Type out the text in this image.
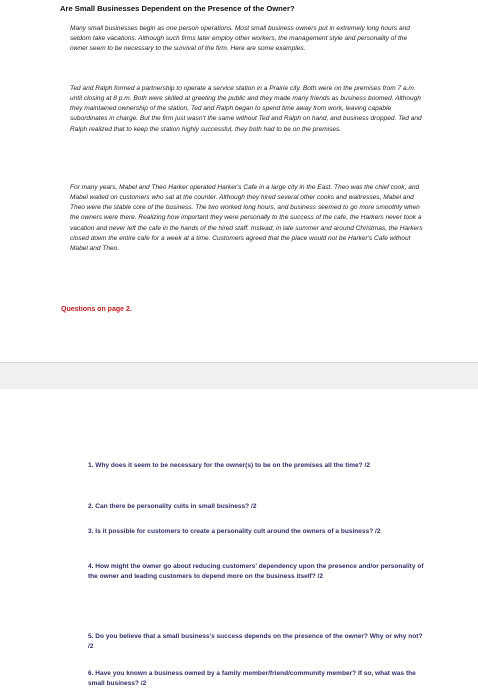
Are Small Businesses Dependent on the Presence of the Owner?

Many small businesses begin as one person operations. Most small business owners put in extremely long hours and seldom take vacations. Although such firms later employ other workers, the management style and personality of the owner seem to be necessary to the survival of the firm. Here are some examples.

Ted and Ralph formed a partnership to operate a service station in a Prairie city. Both were on the premises from 7 a.m. until closing at 8 p.m. Both were skilled at greeting the public and they made many friends as business boomed. Although they maintained ownership of the station, Ted and Ralph began to spend time away from work, leaving capable subordinates in charge. But the firm just wasn't the same without Ted and Ralph on hand, and business dropped. Ted and Ralph realized that to keep the station highly successful, they both had to be on the premises.

For many years, Mabel and Theo Harker operated Harker's Cafe in a large city in the East. Theo was the chief cook, and Mabel waited on customers who sat at the counter. Although they hired several other cooks and waitresses, Mabel and Theo were the stable core of the business. The two worked long hours, and business seemed to go more smoothly when the owners were there. Realizing how important they were personally to the success of the cafe, the Harkers never took a vacation and never left the cafe in the hands of the hired staff. Instead, in late summer and around Christmas, the Harkers closed down the entire cafe for a week at a time. Customers agreed that the place would not be Harker's Cafe without Mabel and Theo.

Questions on page 2.

1. Why does it seem to be necessary for the owner(s) to be on the premises all the time? /2

2. Can there be personality cults in small business? /2

3. Is it possible for customers to create a personality cult around the owners of a business? /2

4. How might the owner go about reducing customers' dependency upon the presence and/or personality of the owner and leading customers to depend more on the business itself? /2

5. Do you believe that a small business's success depends on the presence of the owner? Why or why not? /2

6. Have you known a business owned by a family member/friend/community member? If so, what was the small business? /2
